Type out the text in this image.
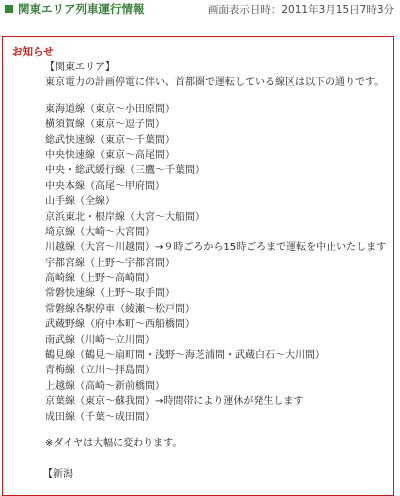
関東エリア列車運行情報	画面表示日時：2011年3月15日7時3分
お知らせ
【関東エリア】
東京電力の計画停電に伴い、首都圏で運転している線区は以下の通りです。
東海道線（東京～小田原間）
横須賀線（東京～逗子間）
総武快速線（東京～千葉間）
中央快速線（東京～高尾間）
中央・総武緩行線（三鷹～千葉間）
中央本線（高尾～甲府間）
山手線（全線）
京浜東北・根岸線（大宮～大船間）
埼京線（大崎～大宮間）
川越線（大宮～川越間）→９時ごろから15時ごろまで運転を中止いたします
宇都宮線（上野～宇都宮間）
高崎線（上野～高崎間）
常磐快速線（上野～取手間）
常磐線各駅停車（綾瀬～松戸間）
武蔵野線（府中本町～西船橋間）
南武線（川崎～立川間）
鶴見線（鶴見～扇町間・浅野～海芝浦間・武蔵白石～大川間）
青梅線（立川～拝島間）
上越線（高崎～新前橋間）
京葉線（東京～蘇我間）→時間帯により運休が発生します
成田線（千葉～成田間）
※ダイヤは大幅に変わります。
【新潟
